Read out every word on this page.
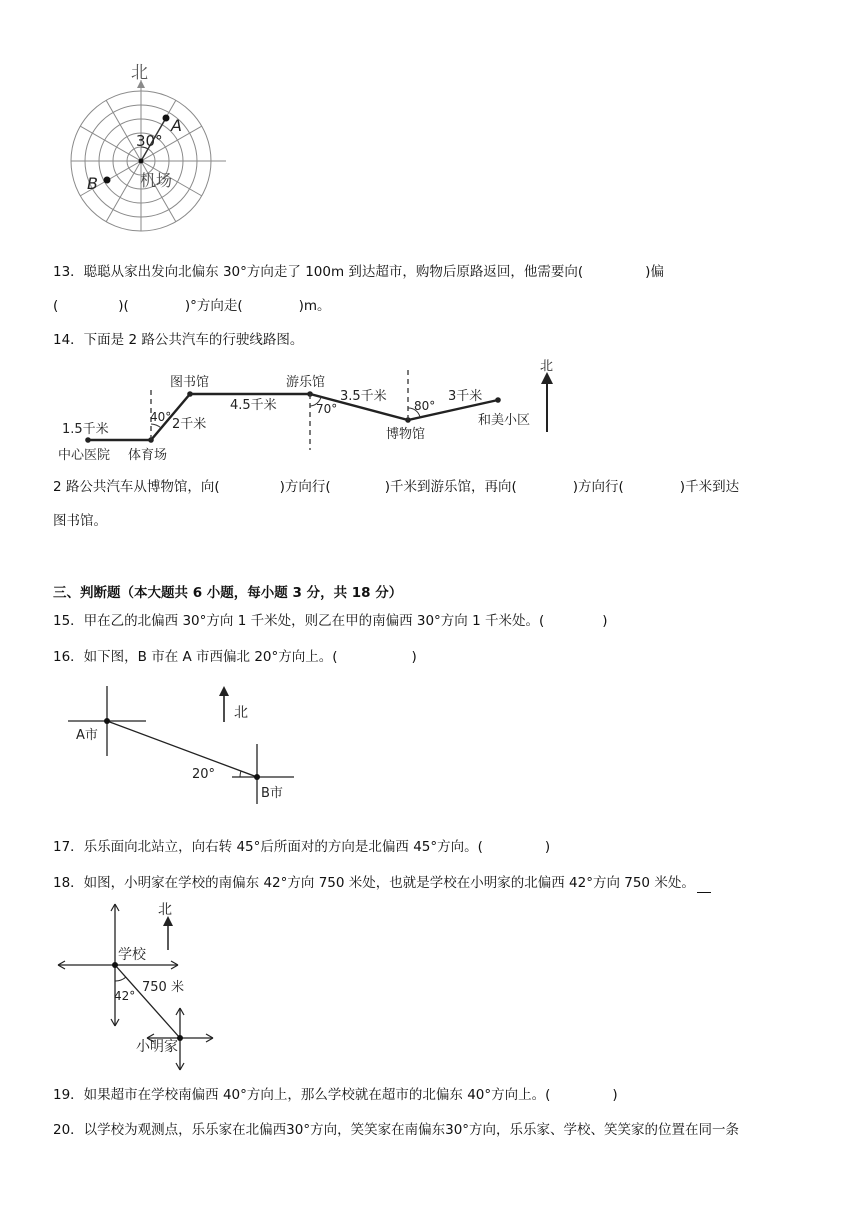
北
A
B
30°
机场
13．聪聪从家出发向北偏东 30°方向走了 100m 到达超市，购物后原路返回，他需要向(	)偏
(	)(	)°方向走(	)m。
14．下面是 2 路公共汽车的行驶线路图。
北
中心医院 体育场
图书馆	游乐馆
博物馆
和美小区
1.5千米	2千米
4.5千米
3.5千米	3千米
40°
70°	80°
2 路公共汽车从博物馆，向(	)方向行(	)千米到游乐馆，再向(	)方向行(	)千米到达
图书馆。
三、判断题（本大题共 6 小题，每小题 3 分，共 18 分）
15．甲在乙的北偏西 30°方向 1 千米处，则乙在甲的南偏西 30°方向 1 千米处。(	)
16．如下图，B 市在 A 市西偏北 20°方向上。(	)
北
A市
B市
20°
17．乐乐面向北站立，向右转 45°后所面对的方向是北偏西 45°方向。(	)
18．如图，小明家在学校的南偏东 42°方向 750 米处，也就是学校在小明家的北偏西 42°方向 750 米处。
北
学校
小明家
42°
750 米
19．如果超市在学校南偏西 40°方向上，那么学校就在超市的北偏东 40°方向上。(	)
20．以学校为观测点，乐乐家在北偏西30°方向，笑笑家在南偏东30°方向，乐乐家、学校、笑笑家的位置在同一条
